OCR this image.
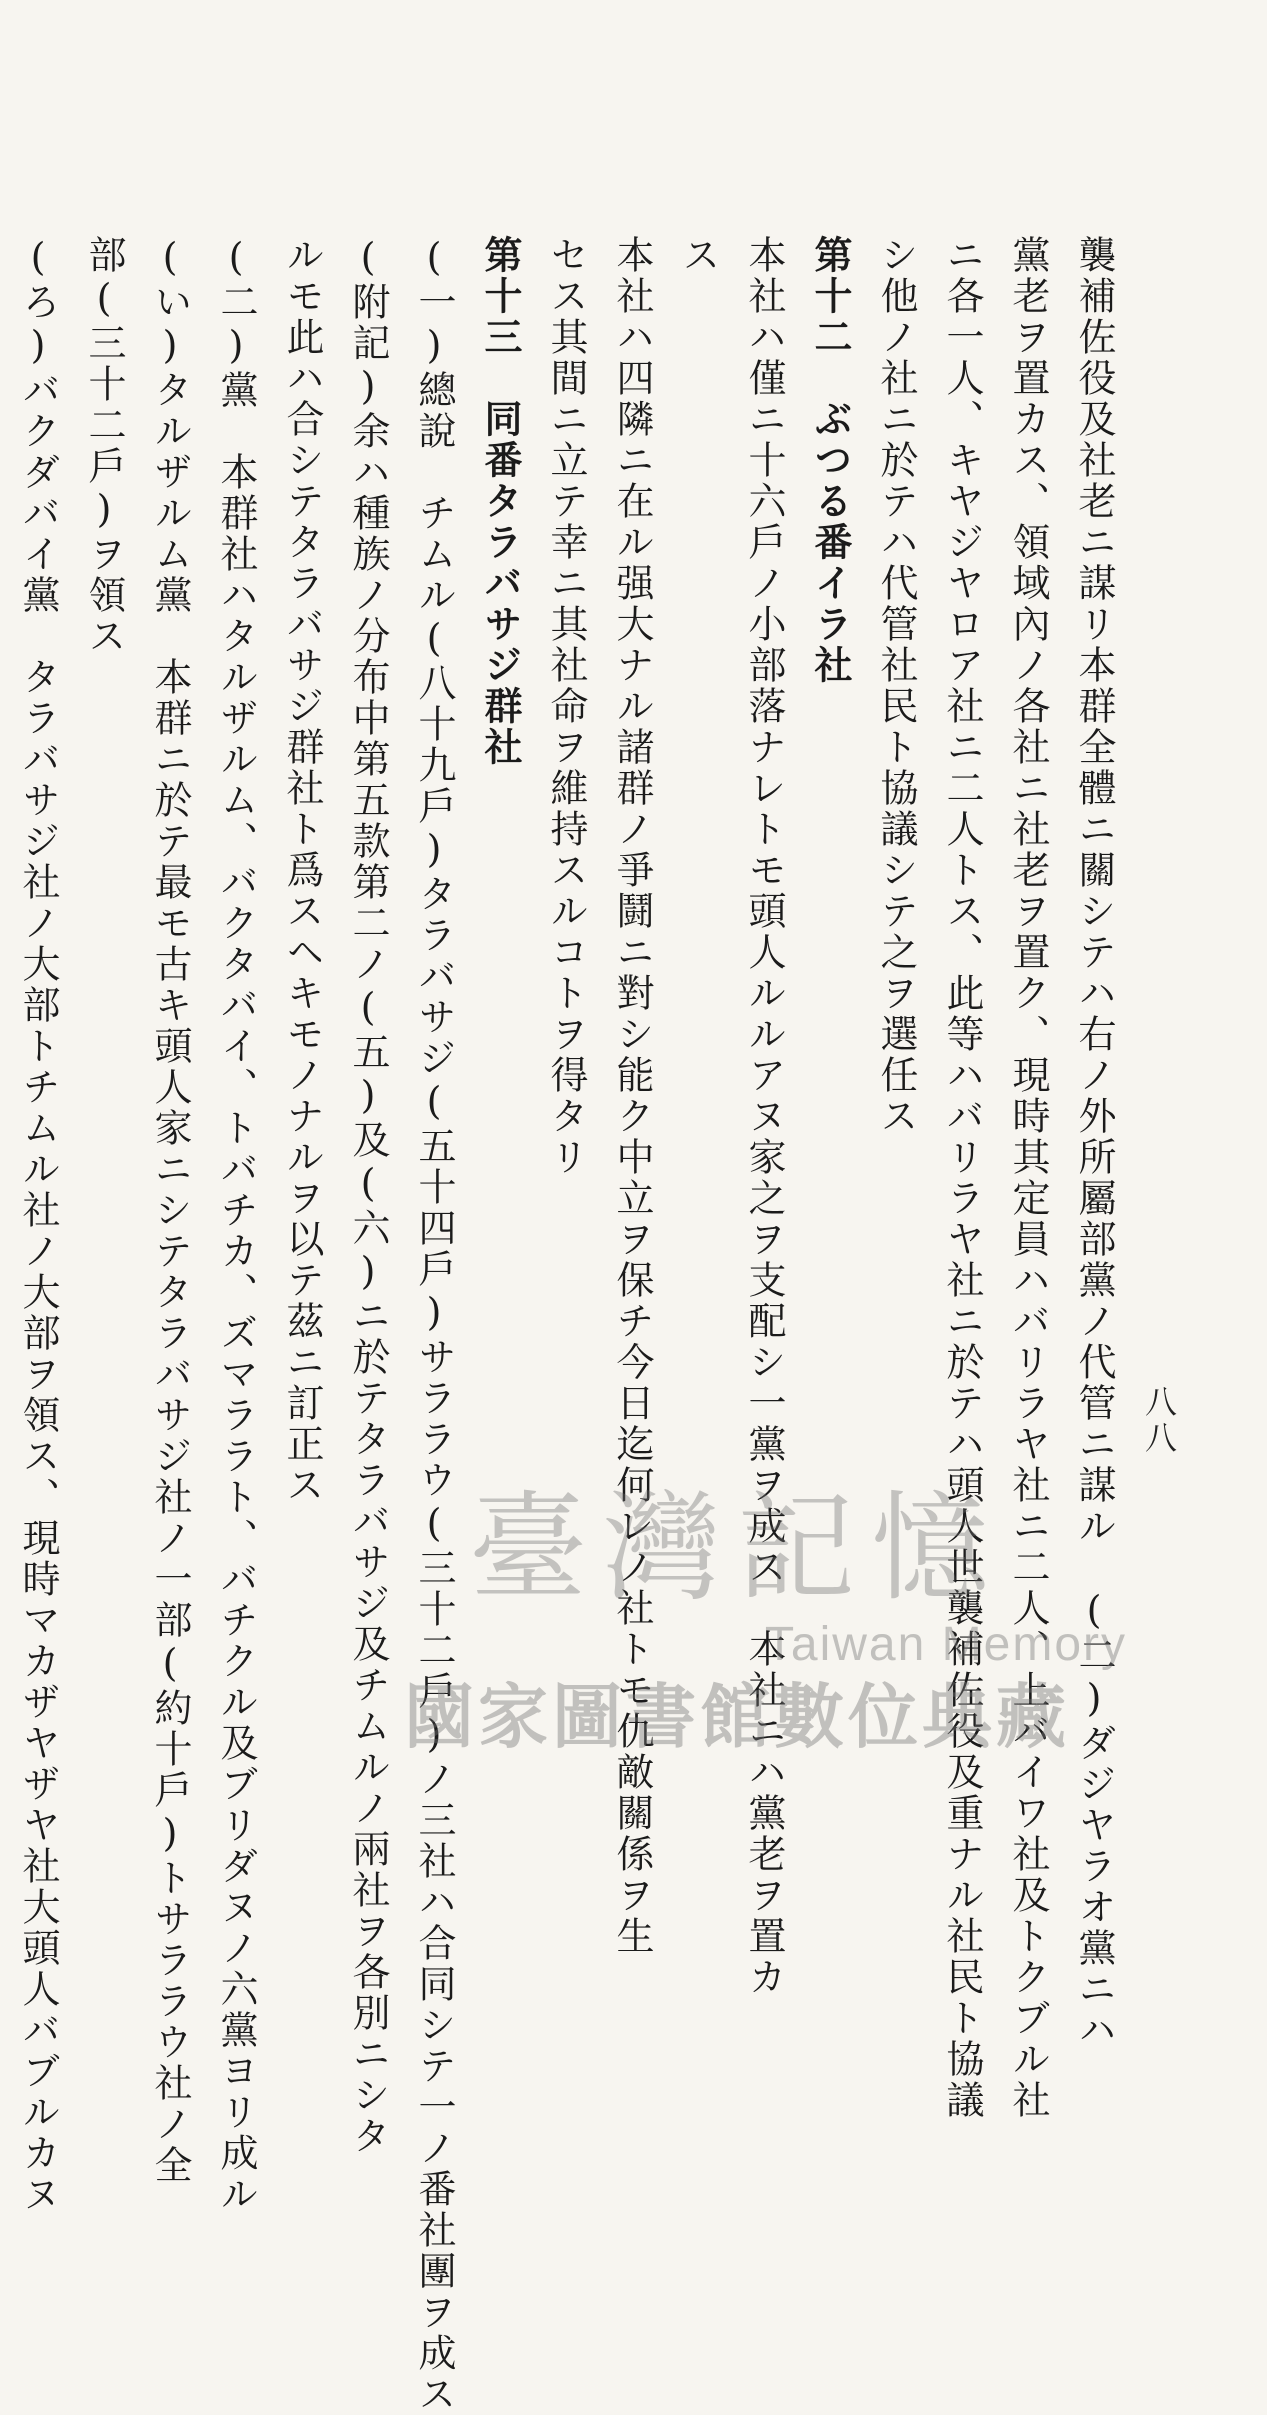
八八
襲補佐役及社老ニ謀リ本群全體ニ關シテハ右ノ外所屬部黨ノ代管ニ謀ル　(二)ダジヤラオ黨ニハ
黨老ヲ置カス、領域內ノ各社ニ社老ヲ置ク、現時其定員ハバリラヤ社ニ二人、上バイワ社及トクブル社
ニ各一人、キヤジヤロア社ニ二人トス、此等ハバリラヤ社ニ於テハ頭人世襲補佐役及重ナル社民ト協議
シ他ノ社ニ於テハ代管社民ト協議シテ之ヲ選任ス
第十二　ぶつる番イラ社
本社ハ僅ニ十六戶ノ小部落ナレトモ頭人ルルアヌ家之ヲ支配シ一黨ヲ成ス　本社ニハ黨老ヲ置カ
ス
本社ハ四隣ニ在ル强大ナル諸群ノ爭鬪ニ對シ能ク中立ヲ保チ今日迄何レノ社トモ仇敵關係ヲ生
セス其間ニ立テ幸ニ其社命ヲ維持スルコトヲ得タリ
第十三　同番タラバサジ群社
(一)總說　チムル(八十九戶)タラバサジ(五十四戶)サララウ(三十二戶)ノ三社ハ合同シテ一ノ番社團ヲ成ス
(附記)余ハ種族ノ分布中第五款第二ノ(五)及(六)ニ於テタラバサジ及チムルノ兩社ヲ各別ニシタ
ルモ此ハ合シテタラバサジ群社ト爲スヘキモノナルヲ以テ茲ニ訂正ス
(二)黨　本群社ハタルザルム、バクタバイ、トバチカ、ズマララト、バチクル及ブリダヌノ六黨ヨリ成ル
(い)タルザルム黨　本群ニ於テ最モ古キ頭人家ニシテタラバサジ社ノ一部(約十戶)トサララウ社ノ全
部(三十二戶)ヲ領ス
(ろ)バクダバイ黨　タラバサジ社ノ大部トチムル社ノ大部ヲ領ス、現時マカザヤザヤ社大頭人バブルカヌ	臺灣記憶
Taiwan Memory
國家圖書館數位典藏
